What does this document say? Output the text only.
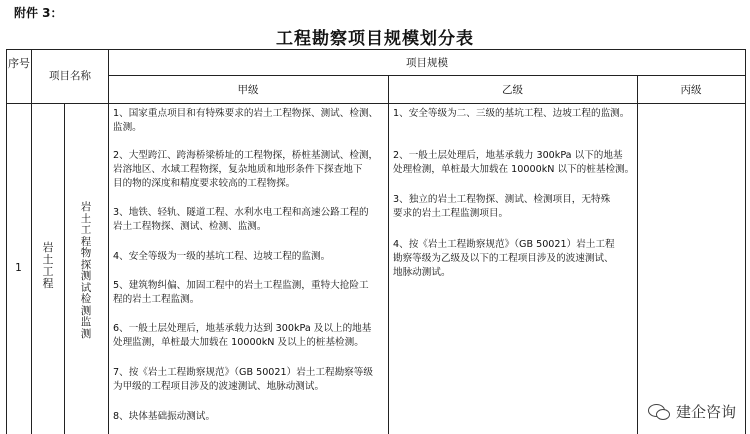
附件 3：
工程勘察项目规模划分表
序号
项目名称
项目规模
甲级	乙级	丙级
1
岩土工程
岩土工程物探测试检测监测
1、国家重点项目和有特殊要求的岩土工程物探、测试、检测、
监测。
2、大型跨江、跨海桥梁桥址的工程物探，桥桩基测试、检测，
岩溶地区、水域工程物探，复杂地质和地形条件下探查地下
目的物的深度和精度要求较高的工程物探。
3、地铁、轻轨、隧道工程、水利水电工程和高速公路工程的
岩土工程物探、测试、检测、监测。
4、安全等级为一级的基坑工程、边坡工程的监测。
5、建筑物纠偏、加固工程中的岩土工程监测，重特大抢险工
程的岩土工程监测。
6、一般土层处理后，地基承载力达到 300kPa 及以上的地基
处理监测，单桩最大加载在 10000kN 及以上的桩基检测。
7、按《岩土工程勘察规范》（GB 50021）岩土工程勘察等级
为甲级的工程项目涉及的波速测试、地脉动测试。
8、块体基础振动测试。
1、安全等级为二、三级的基坑工程、边坡工程的监测。
2、一般土层处理后，地基承载力 300kPa 以下的地基
处理检测，单桩最大加载在 10000kN 以下的桩基检测。
3、独立的岩土工程物探、测试、检测项目，无特殊
要求的岩土工程监测项目。
4、按《岩土工程勘察规范》（GB 50021）岩土工程
勘察等级为乙级及以下的工程项目涉及的波速测试、
地脉动测试。
建企咨询
